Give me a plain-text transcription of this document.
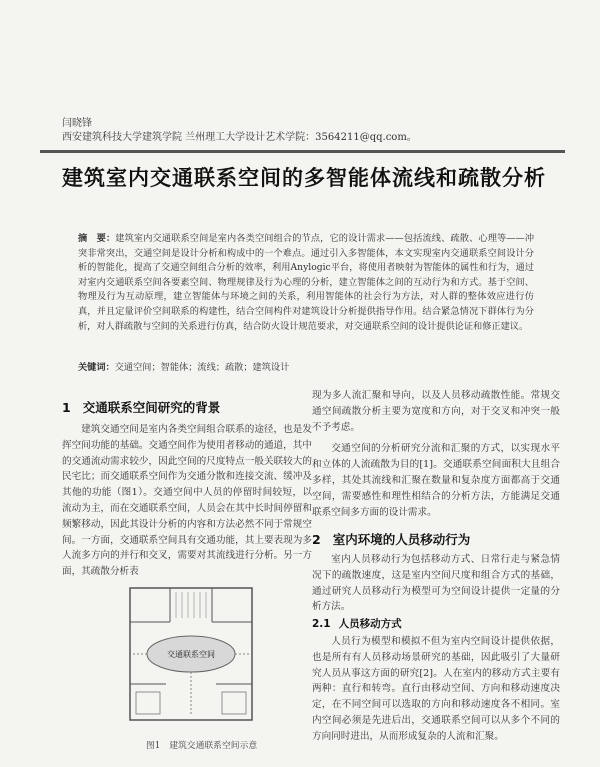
闫晓锋
西安建筑科技大学建筑学院 兰州理工大学设计艺术学院：3564211@qq.com。
建筑室内交通联系空间的多智能体流线和疏散分析
摘　要：建筑室内交通联系空间是室内各类空间组合的节点，它的设计需求——包括流线、疏散、心理等——冲突非常突出，交通空间是设计分析和构成中的一个难点。通过引入多智能体，本文实现室内交通联系空间设计分析的智能化，提高了交通空间组合分析的效率，利用Anylogic平台，将使用者映射为智能体的属性和行为，通过对室内交通联系空间各要素空间、物理规律及行为心理的分析，建立智能体之间的互动行为和方式。基于空间、物理及行为互动原理，建立智能体与环境之间的关系，利用智能体的社会行为方法，对人群的整体效应进行仿真，并且定量评价空间联系的构建性，结合空间构件对建筑设计分析提供指导作用。结合紧急情况下群体行为分析，对人群疏散与空间的关系进行仿真，结合防火设计规范要求，对交通联系空间的设计提供论证和修正建议。
关键词：交通空间；智能体；流线；疏散；建筑设计
1 交通联系空间研究的背景

建筑交通空间是室内各类空间组合联系的途径，也是发挥空间功能的基础。交通空间作为使用者移动的通道，其中的交通流动需求较少，因此空间的尺度特点一般关联较大的民宅比；而交通联系空间作为交通分散和连接交流、缓冲及其他的功能（图1）。交通空间中人员的停留时间较短，以流动为主，而在交通联系空间，人员会在其中长时间停留和频繁移动，因此其设计分析的内容和方法必然不同于常规空间。一方面，交通联系空间具有交通功能，其上要表现为多人流多方向的并行和交叉，需要对其流线进行分析。另一方面，其疏散分析表

交通联系空间
图1　建筑交通联系空间示意

现为多人流汇聚和导向，以及人员移动疏散性能。常规交通空间疏散分析主要为宽度和方向，对于交叉和冲突一般不予考虑。

交通空间的分析研究分流和汇聚的方式，以实现水平和立体的人流疏散为目的[1]。交通联系空间面积大且组合多样，其处其流线和汇聚在数量和复杂度方面都高于交通空间，需要感性和理性相结合的分析方法，方能满足交通联系空间多方面的设计需求。

2 室内环境的人员移动行为

室内人员移动行为包括移动方式、日常行走与紧急情况下的疏散速度，这是室内空间尺度和组合方式的基础，通过研究人员移动行为模型可为空间设计提供一定量的分析方法。

2.1 人员移动方式

人员行为模型和模拟不但为室内空间设计提供依据，也是所有有人员移动场景研究的基础，因此吸引了大量研究人员从事这方面的研究[2]。人在室内的移动方式主要有两种：直行和转弯。直行由移动空间、方向和移动速度决定，在不同空间可以选取的方向和移动速度各不相同。室内空间必须是先进后出，交通联系空间可以从多个不同的方向同时进出，从而形成复杂的人流和汇聚。
